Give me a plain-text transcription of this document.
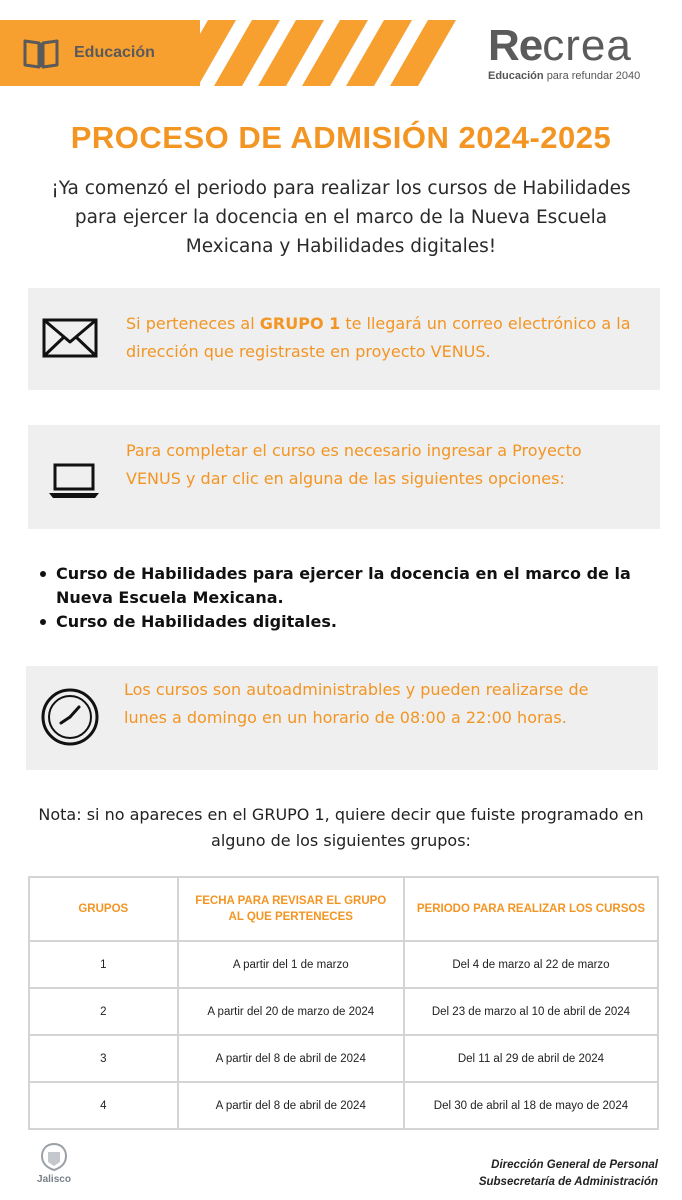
Educación	Recrea
Educación para refundar 2040
PROCESO DE ADMISIÓN 2024-2025
¡Ya comenzó el periodo para realizar los cursos de Habilidades para ejercer la docencia en el marco de la Nueva Escuela Mexicana y Habilidades digitales!
Si perteneces al GRUPO 1 te llegará un correo electrónico a la dirección que registraste en proyecto VENUS.
Para completar el curso es necesario ingresar a Proyecto VENUS y dar clic en alguna de las siguientes opciones:
Curso de Habilidades para ejercer la docencia en el marco de la Nueva Escuela Mexicana.
Curso de Habilidades digitales.
Los cursos son autoadministrables y pueden realizarse de lunes a domingo en un horario de 08:00 a 22:00 horas.
Nota: si no apareces en el GRUPO 1, quiere decir que fuiste programado en alguno de los siguientes grupos:
GRUPOS	FECHA PARA REVISAR EL GRUPO AL QUE PERTENECES	PERIODO PARA REALIZAR LOS CURSOS
1	A partir del 1 de marzo	Del 4 de marzo al 22 de marzo
2	A partir del 20 de marzo de 2024	Del 23 de marzo al 10 de abril de 2024
3	A partir del 8 de abril de 2024	Del 11 al 29 de abril de 2024
4	A partir del 8 de abril de 2024	Del 30 de abril al 18 de mayo de 2024
Jalisco
Dirección General de Personal
Subsecretaría de Administración
